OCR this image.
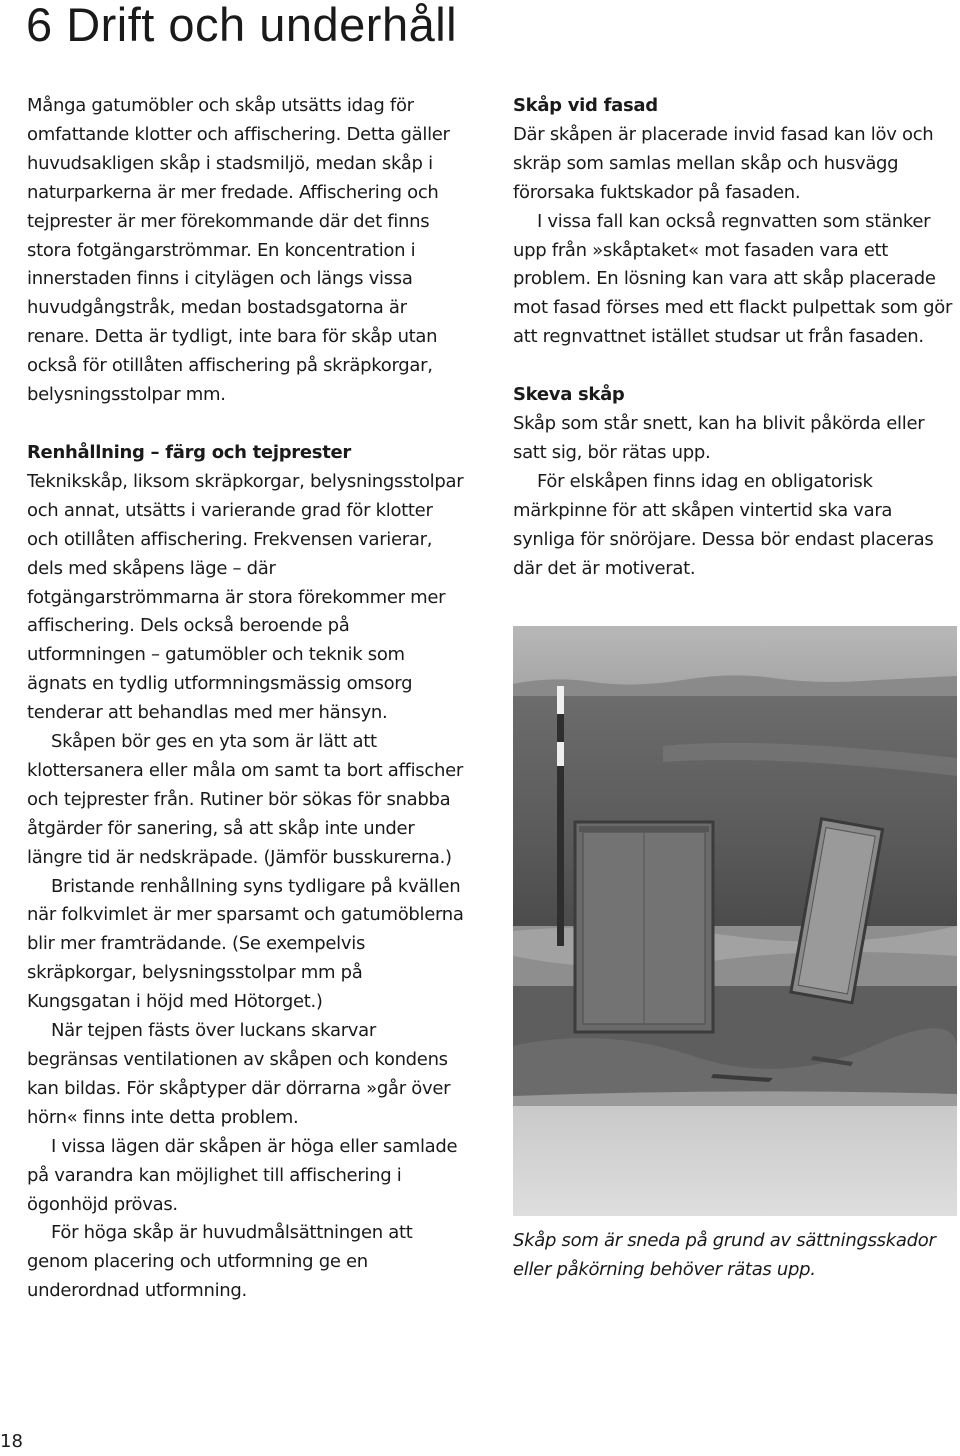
6 Drift och underhåll

Många gatumöbler och skåp utsätts idag för omfattande klotter och affischering. Detta gäller huvudsakligen skåp i stadsmiljö, medan skåp i naturparkerna är mer fredade. Affischering och tejprester är mer förekommande där det finns stora fotgängarströmmar. En koncentration i innerstaden finns i citylägen och längs vissa huvudgångstråk, medan bostadsgatorna är renare. Detta är tydligt, inte bara för skåp utan också för otillåten affischering på skräpkorgar, belysningsstolpar mm.

Renhållning – färg och tejprester

Teknikskåp, liksom skräpkorgar, belysningsstolpar och annat, utsätts i varierande grad för klotter och otillåten affischering. Frekvensen varierar, dels med skåpens läge – där fotgängarströmmarna är stora förekommer mer affischering. Dels också beroende på utformningen – gatumöbler och teknik som ägnats en tydlig utformningsmässig omsorg tenderar att behandlas med mer hänsyn.

Skåpen bör ges en yta som är lätt att klottersanera eller måla om samt ta bort affischer och tejprester från. Rutiner bör sökas för snabba åtgärder för sanering, så att skåp inte under längre tid är nedskräpade. (Jämför busskurerna.)

Bristande renhållning syns tydligare på kvällen när folkvimlet är mer sparsamt och gatumöblerna blir mer framträdande. (Se exempelvis skräpkorgar, belysningsstolpar mm på Kungsgatan i höjd med Hötorget.)

När tejpen fästs över luckans skarvar begränsas ventilationen av skåpen och kondens kan bildas. För skåptyper där dörrarna »går över hörn« finns inte detta problem.

I vissa lägen där skåpen är höga eller samlade på varandra kan möjlighet till affischering i ögonhöjd prövas.

För höga skåp är huvudmålsättningen att genom placering och utformning ge en underordnad utformning.

Skåp vid fasad

Där skåpen är placerade invid fasad kan löv och skräp som samlas mellan skåp och husvägg förorsaka fuktskador på fasaden.

I vissa fall kan också regnvatten som stänker upp från »skåptaket« mot fasaden vara ett problem. En lösning kan vara att skåp placerade mot fasad förses med ett flackt pulpettak som gör att regnvattnet istället studsar ut från fasaden.

Skeva skåp

Skåp som står snett, kan ha blivit påkörda eller satt sig, bör rätas upp.

För elskåpen finns idag en obligatorisk märkpinne för att skåpen vintertid ska vara synliga för snöröjare. Dessa bör endast placeras där det är motiverat.

Skåp som är sneda på grund av sättningsskador eller påkörning behöver rätas upp.

18
